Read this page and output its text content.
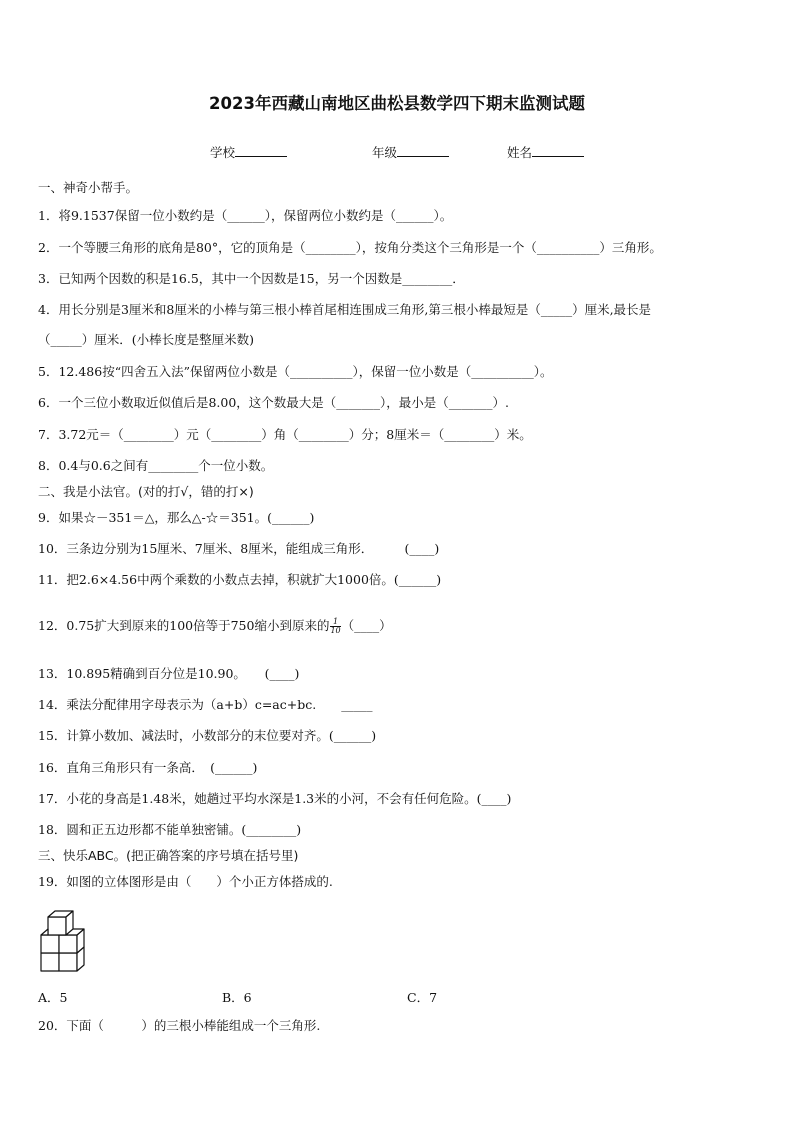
2023年西藏山南地区曲松县数学四下期末监测试题
学校	年级	姓名
一、神奇小帮手。
1．将9.1537保留一位小数约是（______），保留两位小数约是（______）。
2．一个等腰三角形的底角是80°，它的顶角是（________），按角分类这个三角形是一个（__________）三角形。
3．已知两个因数的积是16.5，其中一个因数是15，另一个因数是________．
4．用长分别是3厘米和8厘米的小棒与第三根小棒首尾相连围成三角形,第三根小棒最短是（_____）厘米,最长是
（_____）厘米．(小棒长度是整厘米数)
5．12.486按“四舍五入法”保留两位小数是（__________），保留一位小数是（__________）。
6．一个三位小数取近似值后是8.00，这个数最大是（_______），最小是（_______）.
7．3.72元＝（________）元（________）角（________）分；8厘米＝（________）米。
8．0.4与0.6之间有________个一位小数。
二、我是小法官。(对的打√，错的打×)
9．如果☆－351＝△，那么△-☆＝351。(______)
10．三条边分别为15厘米、7厘米、8厘米，能组成三角形．　　　(____)
11．把2.6×4.56中两个乘数的小数点去掉，积就扩大1000倍。(______)
12．0.75扩大到原来的100倍等于750缩小到原来的 $\frac{1}{10}$ （____）
13．10.895精确到百分位是10.90。　　(____)
14．乘法分配律用字母表示为（a+b）c=ac+bc.　　_____
15．计算小数加、减法时，小数部分的末位要对齐。(______)
16．直角三角形只有一条高．　(______)
17．小花的身高是1.48米，她趟过平均水深是1.3米的小河，不会有任何危险。(____)
18．圆和正五边形都不能单独密铺。(________)
三、快乐ABC。(把正确答案的序号填在括号里)
19．如图的立体图形是由（　　）个小正方体搭成的.
A．5	B．6	C．7
20．下面（　　　）的三根小棒能组成一个三角形.
